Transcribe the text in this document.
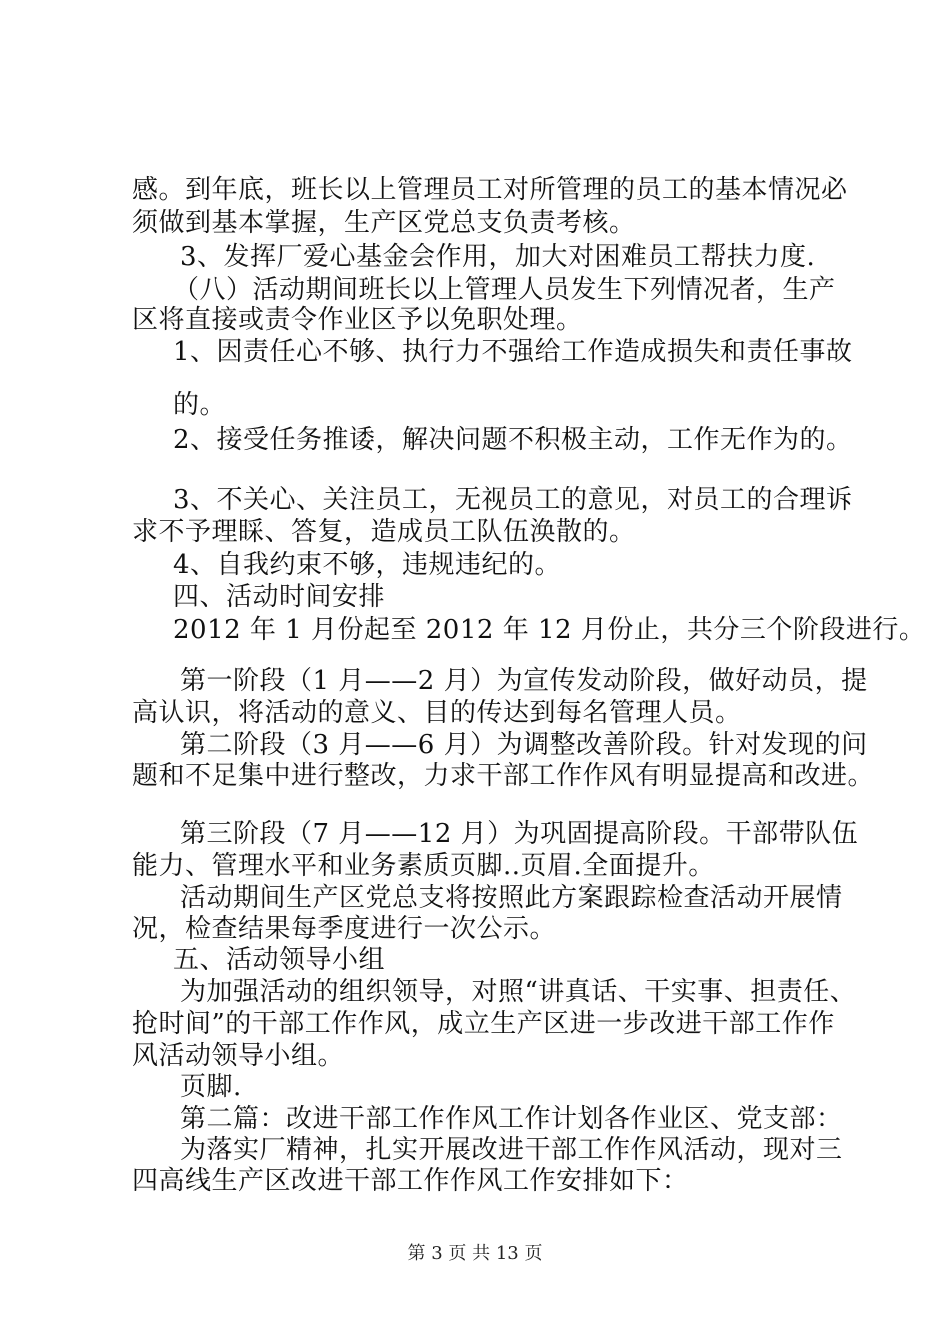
感。到年底，班长以上管理员工对所管理的员工的基本情况必
须做到基本掌握，生产区党总支负责考核。
3、发挥厂爱心基金会作用，加大对困难员工帮扶力度.
（八）活动期间班长以上管理人员发生下列情况者，生产
区将直接或责令作业区予以免职处理。
1、因责任心不够、执行力不强给工作造成损失和责任事故
的。
2、接受任务推诿，解决问题不积极主动，工作无作为的。
3、不关心、关注员工，无视员工的意见，对员工的合理诉
求不予理睬、答复，造成员工队伍涣散的。
4、自我约束不够，违规违纪的。
四、活动时间安排
2012 年 1 月份起至 2012 年 12 月份止，共分三个阶段进行。
第一阶段（1 月——2 月）为宣传发动阶段，做好动员，提
高认识，将活动的意义、目的传达到每名管理人员。
第二阶段（3 月——6 月）为调整改善阶段。针对发现的问
题和不足集中进行整改，力求干部工作作风有明显提高和改进。
第三阶段（7 月——12 月）为巩固提高阶段。干部带队伍
能力、管理水平和业务素质页脚..页眉.全面提升。
活动期间生产区党总支将按照此方案跟踪检查活动开展情
况，检查结果每季度进行一次公示。
五、活动领导小组
为加强活动的组织领导，对照“讲真话、干实事、担责任、
抢时间”的干部工作作风，成立生产区进一步改进干部工作作
风活动领导小组。
页脚.
第二篇：改进干部工作作风工作计划各作业区、党支部：
为落实厂精神，扎实开展改进干部工作作风活动，现对三
四高线生产区改进干部工作作风工作安排如下：
第 3 页 共 13 页
